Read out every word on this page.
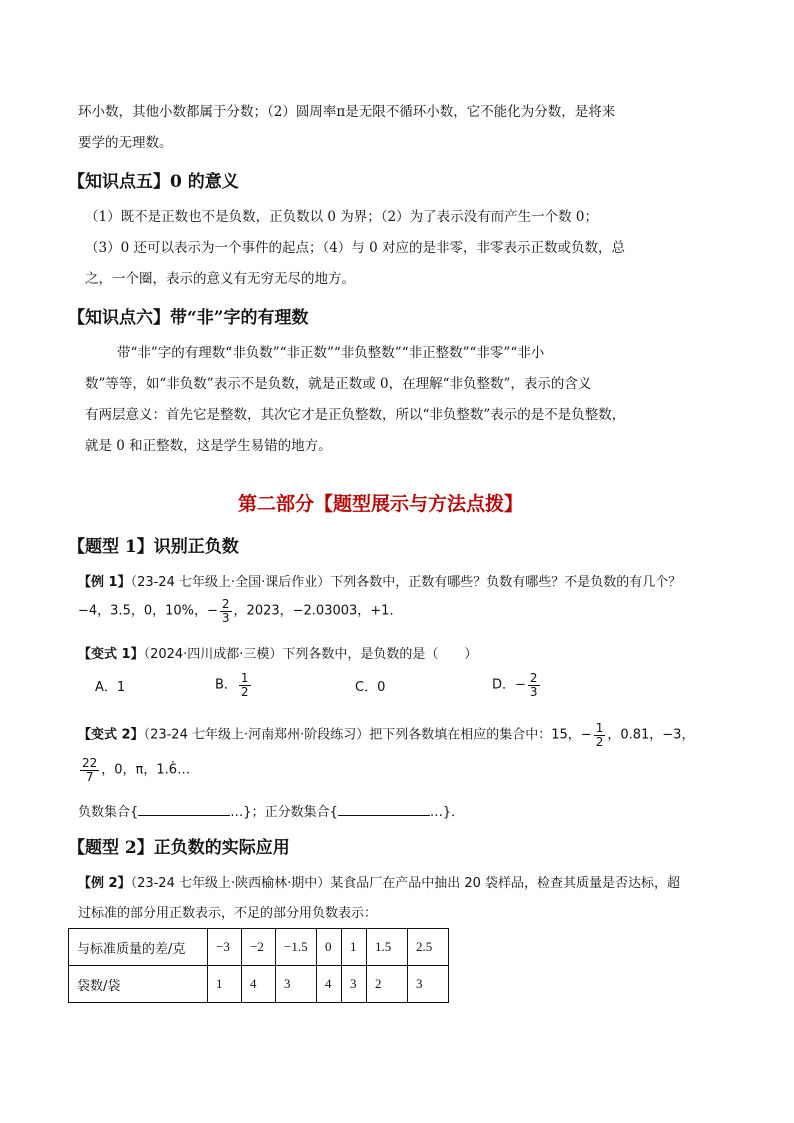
环小数，其他小数都属于分数；（2）圆周率π是无限不循环小数，它不能化为分数，是将来
要学的无理数。
【知识点五】0 的意义
（1）既不是正数也不是负数，正负数以 0 为界；（2）为了表示没有而产生一个数 0；
（3）0 还可以表示为一个事件的起点；（4）与 0 对应的是非零，非零表示正数或负数，总
之，一个圈，表示的意义有无穷无尽的地方。
【知识点六】带“非”字的有理数
带“非”字的有理数“非负数”“非正数”“非负整数”“非正整数”“非零”“非小
数”等等，如“非负数”表示不是负数，就是正数或 0，在理解“非负整数”，表示的含义
有两层意义：首先它是整数，其次它才是正负整数，所以“非负整数”表示的是不是负整数，
就是 0 和正整数，这是学生易错的地方。
第二部分【题型展示与方法点拨】
【题型 1】识别正负数
【例 1】（23-24 七年级上·全国·课后作业）下列各数中，正数有哪些？负数有哪些？不是负数的有几个？
−4，3.5，0，10%，− $\frac{2}{3}$ ，2023，−2.03003，+1．
【变式 1】（2024·四川成都·三模）下列各数中，是负数的是（　　）
A．1	B． $\frac{1}{2}$	C．0	D．− $\frac{2}{3}$
【变式 2】（23-24 七年级上·河南郑州·阶段练习）把下列各数填在相应的集合中：15，− $\frac{1}{2}$ ，0.81，−3，
$\frac{22}{7}$ ，0，π，1.6̇…
负数集合{	…}；正分数集合{	…}．
【题型 2】正负数的实际应用
【例 2】（23-24 七年级上·陕西榆林·期中）某食品厂在产品中抽出 20 袋样品，检查其质量是否达标，超
过标准的部分用正数表示，不足的部分用负数表示：
与标准质量的差/克	−3	−2	−1.5	0	1	1.5	2.5
袋数/袋	1	4	3	4	3	2	3
